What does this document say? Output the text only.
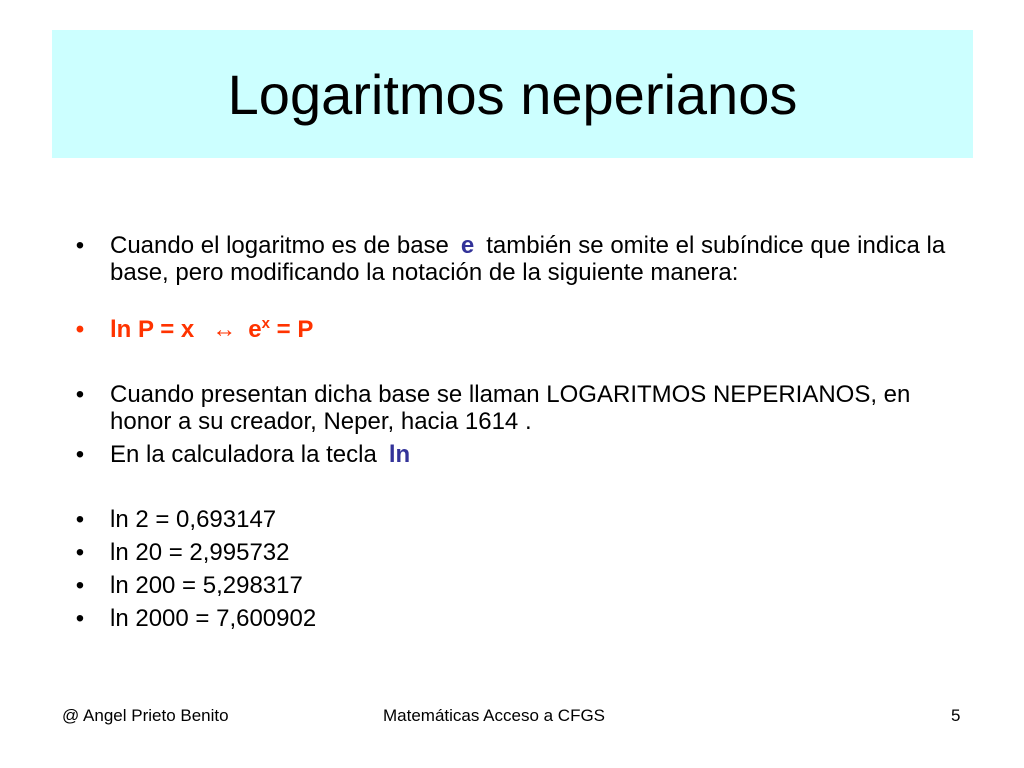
Logaritmos neperianos
• Cuando el logaritmo es de base e también se omite el subíndice que indica la base, pero modificando la notación de la siguiente manera:
• ln P = x ↔ $e^x = P$
• Cuando presentan dicha base se llaman LOGARITMOS NEPERIANOS, en honor a su creador, Neper, hacia 1614 .
• En la calculadora la tecla ln
• ln 2 = 0,693147
• ln 20 = 2,995732
• ln 200 = 5,298317
• ln 2000 = 7,600902
@ Angel Prieto Benito	Matemáticas Acceso a CFGS	5
